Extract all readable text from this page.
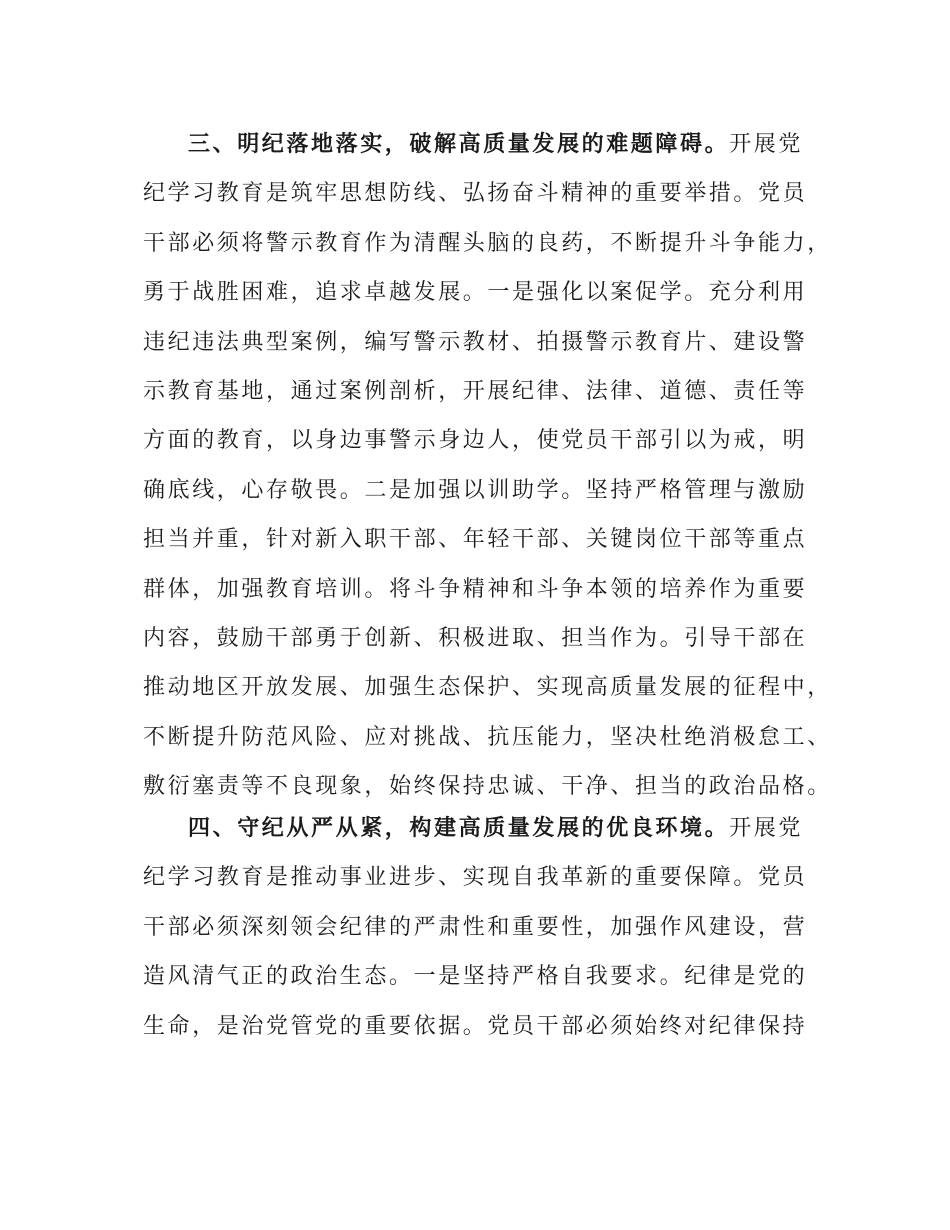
三、明纪落地落实，破解高质量发展的难题障碍。开展党
纪学习教育是筑牢思想防线、弘扬奋斗精神的重要举措。党员
干部必须将警示教育作为清醒头脑的良药，不断提升斗争能力，
勇于战胜困难，追求卓越发展。一是强化以案促学。充分利用
违纪违法典型案例，编写警示教材、拍摄警示教育片、建设警
示教育基地，通过案例剖析，开展纪律、法律、道德、责任等
方面的教育，以身边事警示身边人，使党员干部引以为戒，明
确底线，心存敬畏。二是加强以训助学。坚持严格管理与激励
担当并重，针对新入职干部、年轻干部、关键岗位干部等重点
群体，加强教育培训。将斗争精神和斗争本领的培养作为重要
内容，鼓励干部勇于创新、积极进取、担当作为。引导干部在
推动地区开放发展、加强生态保护、实现高质量发展的征程中，
不断提升防范风险、应对挑战、抗压能力，坚决杜绝消极怠工、
敷衍塞责等不良现象，始终保持忠诚、干净、担当的政治品格。
四、守纪从严从紧，构建高质量发展的优良环境。开展党
纪学习教育是推动事业进步、实现自我革新的重要保障。党员
干部必须深刻领会纪律的严肃性和重要性，加强作风建设，营
造风清气正的政治生态。一是坚持严格自我要求。纪律是党的
生命，是治党管党的重要依据。党员干部必须始终对纪律保持
